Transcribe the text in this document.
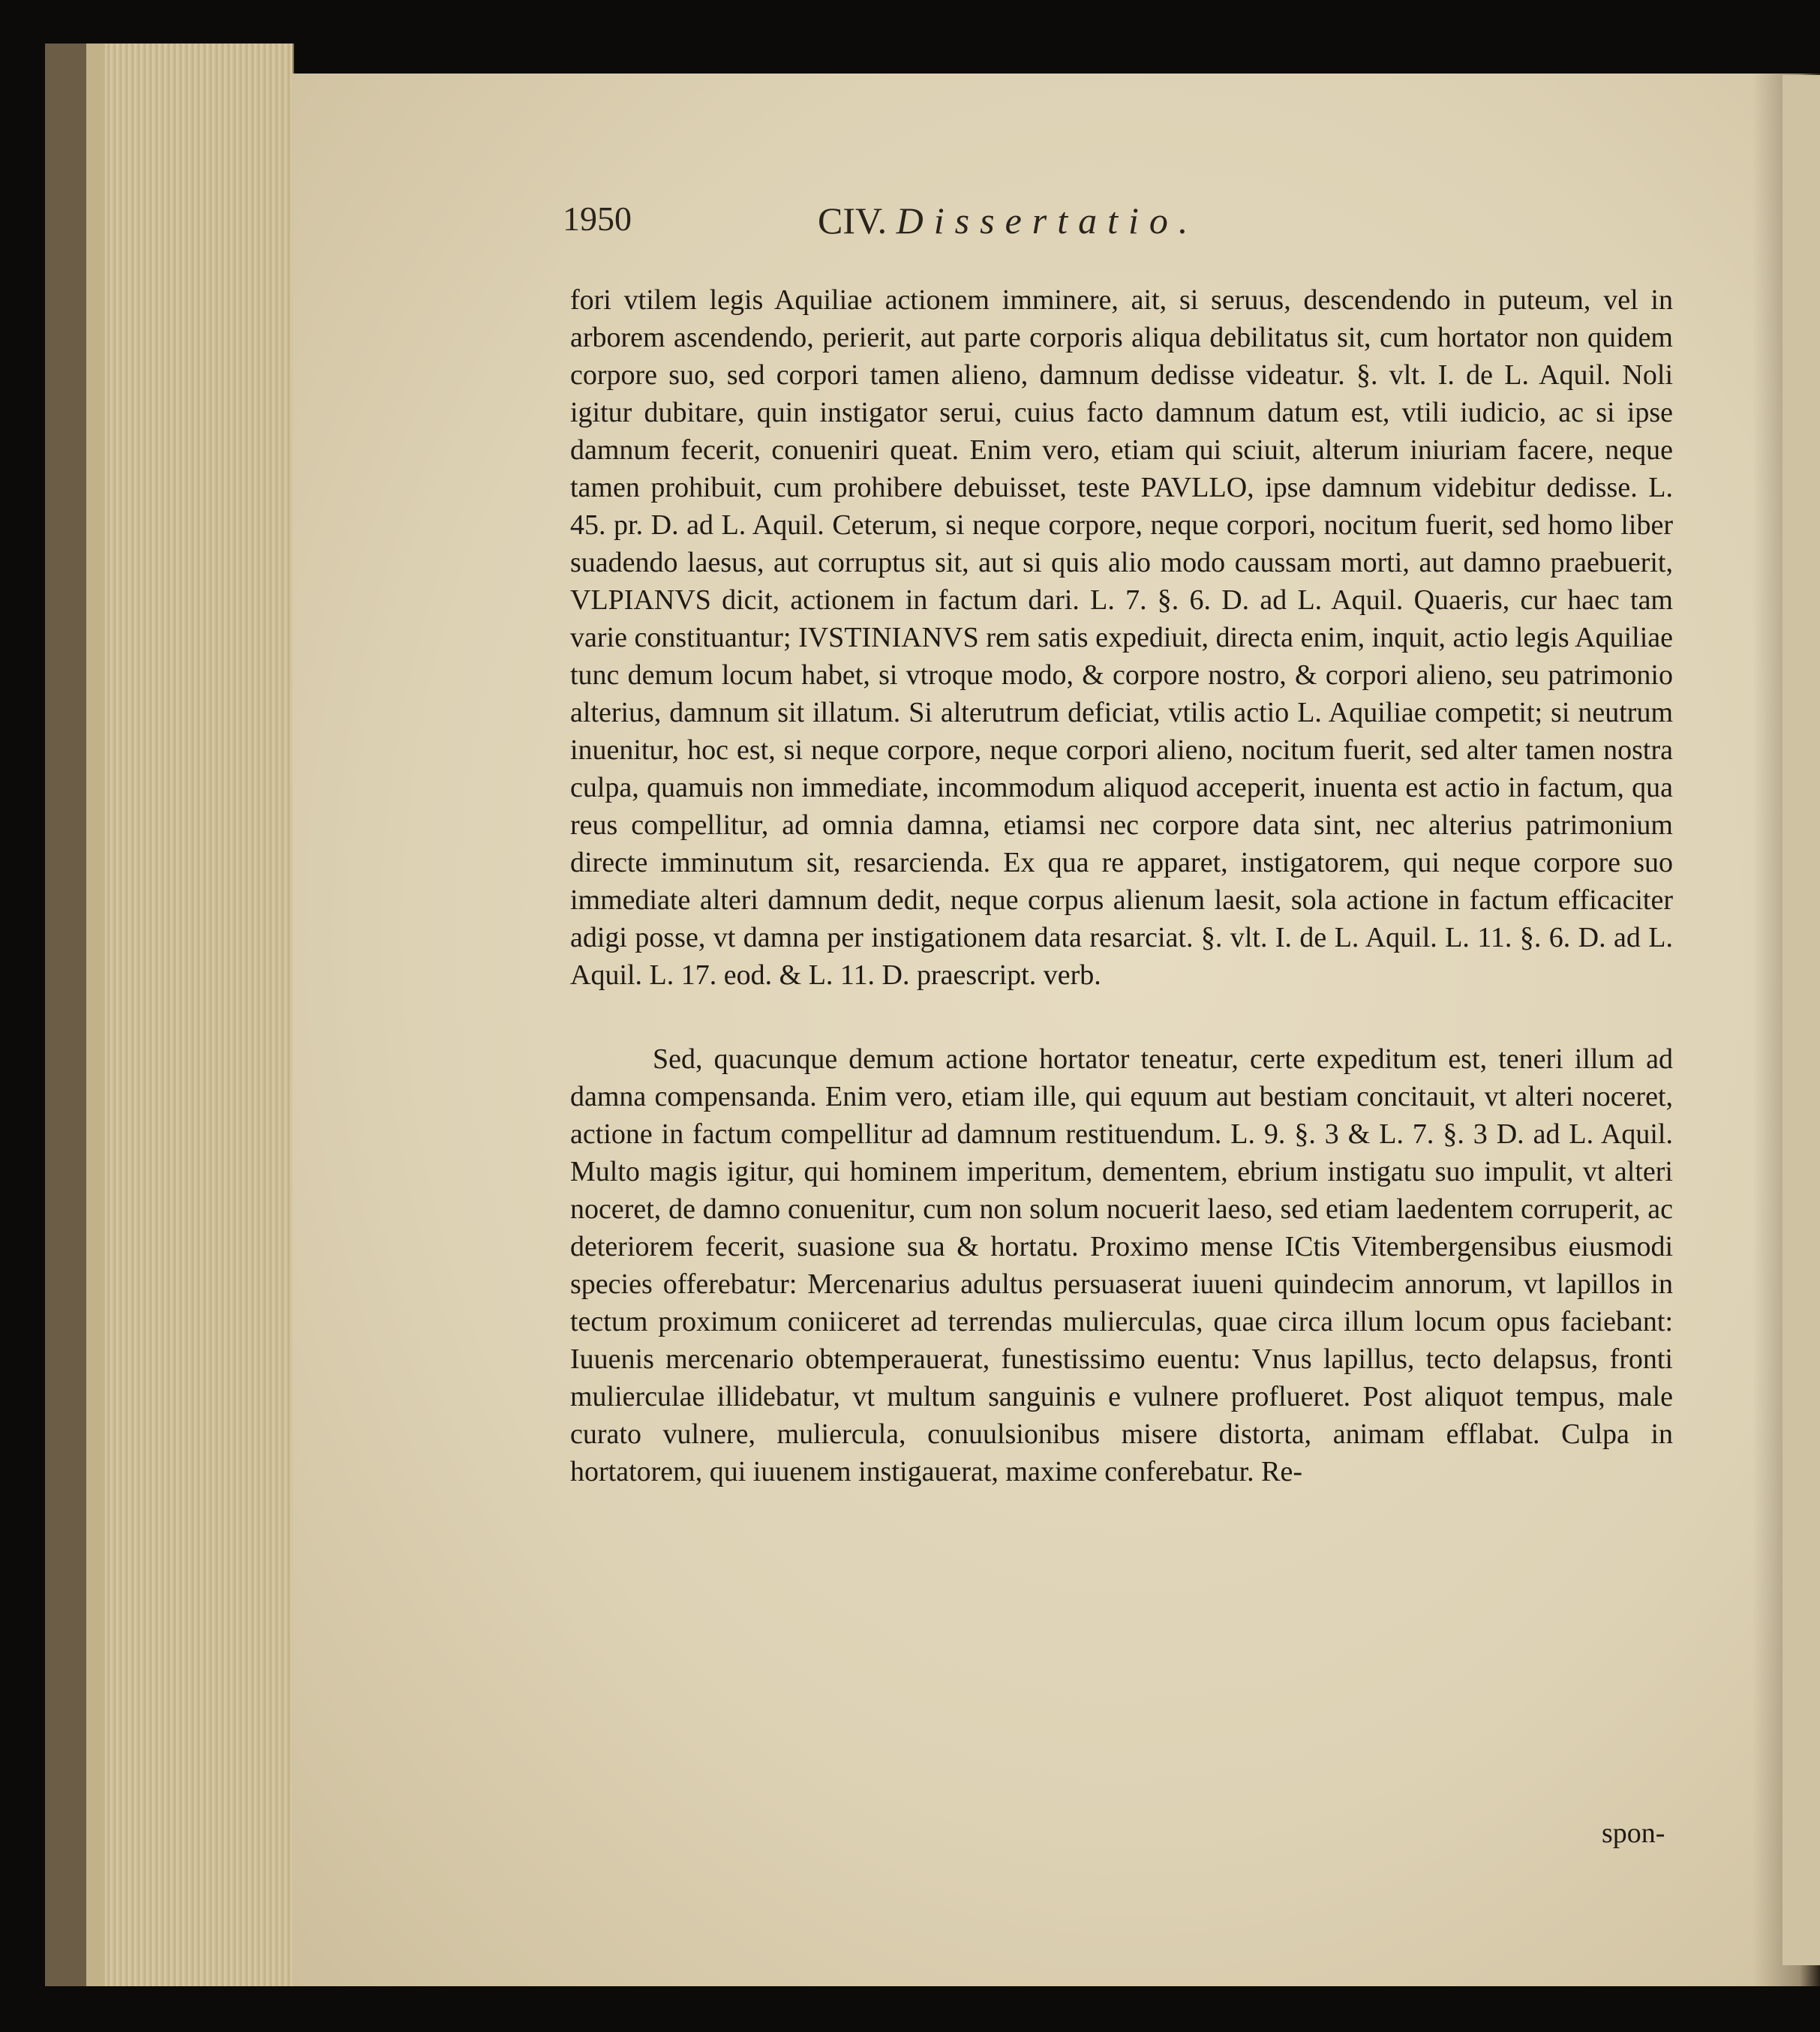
1950	CIV. Dissertatio.

fori vtilem legis Aquiliae actionem imminere, ait, si seruus, descendendo in puteum, vel in arborem ascendendo, perierit, aut parte corporis aliqua debilitatus sit, cum hortator non quidem corpore suo, sed corpori tamen alieno, damnum dedisse videatur. §. vlt. I. de L. Aquil. Noli igitur dubitare, quin instigator serui, cuius facto damnum datum est, vtili iudicio, ac si ipse damnum fecerit, conueniri queat. Enim vero, etiam qui sciuit, alterum iniuriam facere, neque tamen prohibuit, cum prohibere debuisset, teste PAVLLO, ipse damnum videbitur dedisse. L. 45. pr. D. ad L. Aquil. Ceterum, si neque corpore, neque corpori, nocitum fuerit, sed homo liber suadendo laesus, aut corruptus sit, aut si quis alio modo caussam morti, aut damno praebuerit, VLPIANVS dicit, actionem in factum dari. L. 7. §. 6. D. ad L. Aquil. Quaeris, cur haec tam varie constituantur; IVSTINIANVS rem satis expediuit, directa enim, inquit, actio legis Aquiliae tunc demum locum habet, si vtroque modo, & corpore nostro, & corpori alieno, seu patrimonio alterius, damnum sit illatum. Si alterutrum deficiat, vtilis actio L. Aquiliae competit; si neutrum inuenitur, hoc est, si neque corpore, neque corpori alieno, nocitum fuerit, sed alter tamen nostra culpa, quamuis non immediate, incommodum aliquod acceperit, inuenta est actio in factum, qua reus compellitur, ad omnia damna, etiamsi nec corpore data sint, nec alterius patrimonium directe imminutum sit, resarcienda. Ex qua re apparet, instigatorem, qui neque corpore suo immediate alteri damnum dedit, neque corpus alienum laesit, sola actione in factum efficaciter adigi posse, vt damna per instigationem data resarciat. §. vlt. I. de L. Aquil. L. 11. §. 6. D. ad L. Aquil. L. 17. eod. & L. 11. D. praescript. verb.

Sed, quacunque demum actione hortator teneatur, certe expeditum est, teneri illum ad damna compensanda. Enim vero, etiam ille, qui equum aut bestiam concitauit, vt alteri noceret, actione in factum compellitur ad damnum restituendum. L. 9. §. 3 & L. 7. §. 3 D. ad L. Aquil. Multo magis igitur, qui hominem imperitum, dementem, ebrium instigatu suo impulit, vt alteri noceret, de damno conuenitur, cum non solum nocuerit laeso, sed etiam laedentem corruperit, ac deteriorem fecerit, suasione sua & hortatu. Proximo mense ICtis Vitembergensibus eiusmodi species offerebatur: Mercenarius adultus persuaserat iuueni quindecim annorum, vt lapillos in tectum proximum coniiceret ad terrendas mulierculas, quae circa illum locum opus faciebant: Iuuenis mercenario obtemperauerat, funestissimo euentu: Vnus lapillus, tecto delapsus, fronti mulierculae illidebatur, vt multum sanguinis e vulnere proflueret. Post aliquot tempus, male curato vulnere, muliercula, conuulsionibus misere distorta, animam efflabat. Culpa in hortatorem, qui iuuenem instigauerat, maxime conferebatur. Re-

spon-
